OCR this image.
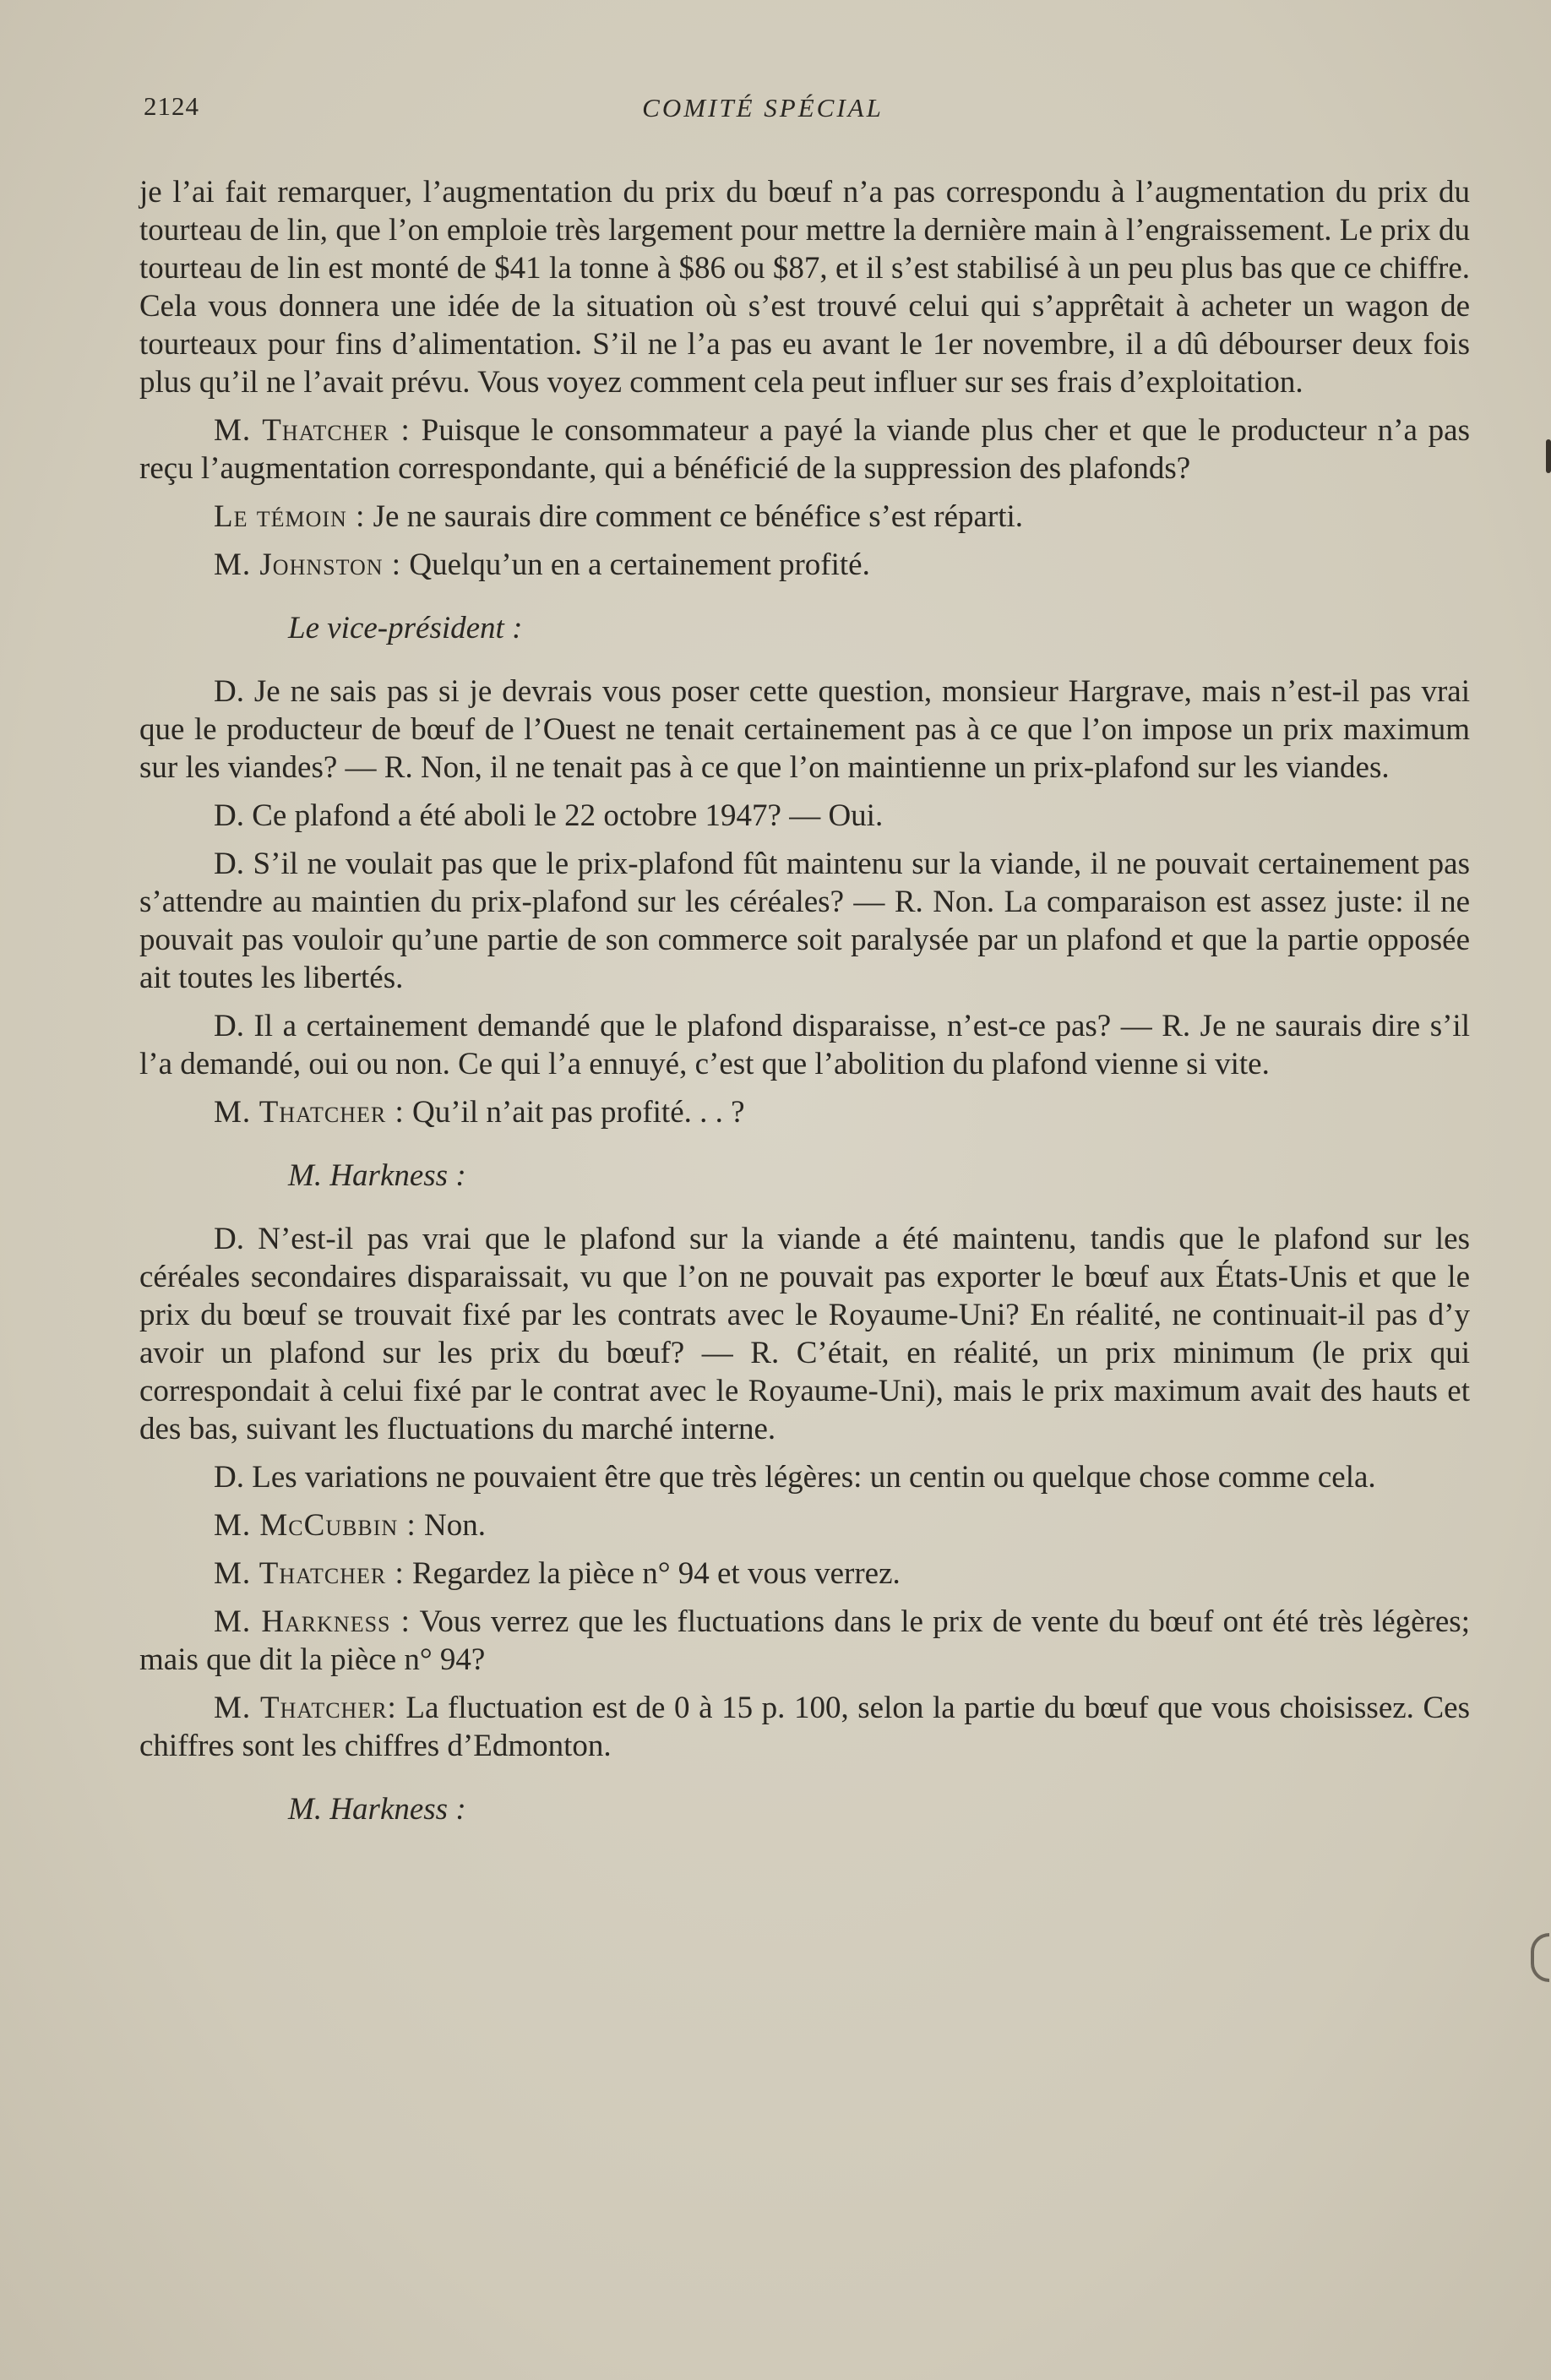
2124	COMITÉ SPÉCIAL

je l’ai fait remarquer, l’augmentation du prix du bœuf n’a pas correspondu à l’augmentation du prix du tourteau de lin, que l’on emploie très largement pour mettre la dernière main à l’engraissement. Le prix du tourteau de lin est monté de $41 la tonne à $86 ou $87, et il s’est stabilisé à un peu plus bas que ce chiffre. Cela vous donnera une idée de la situation où s’est trouvé celui qui s’apprêtait à acheter un wagon de tourteaux pour fins d’alimentation. S’il ne l’a pas eu avant le 1er novembre, il a dû débourser deux fois plus qu’il ne l’avait prévu. Vous voyez comment cela peut influer sur ses frais d’exploitation.

M. Thatcher : Puisque le consommateur a payé la viande plus cher et que le producteur n’a pas reçu l’augmentation correspondante, qui a bénéficié de la suppression des plafonds?

Le témoin : Je ne saurais dire comment ce bénéfice s’est réparti.

M. Johnston : Quelqu’un en a certainement profité.

Le vice-président :

D. Je ne sais pas si je devrais vous poser cette question, monsieur Hargrave, mais n’est-il pas vrai que le producteur de bœuf de l’Ouest ne tenait certainement pas à ce que l’on impose un prix maximum sur les viandes? — R. Non, il ne tenait pas à ce que l’on maintienne un prix-plafond sur les viandes.

D. Ce plafond a été aboli le 22 octobre 1947? — Oui.

D. S’il ne voulait pas que le prix-plafond fût maintenu sur la viande, il ne pouvait certainement pas s’attendre au maintien du prix-plafond sur les céréales? — R. Non. La comparaison est assez juste: il ne pouvait pas vouloir qu’une partie de son commerce soit paralysée par un plafond et que la partie opposée ait toutes les libertés.

D. Il a certainement demandé que le plafond disparaisse, n’est-ce pas? — R. Je ne saurais dire s’il l’a demandé, oui ou non. Ce qui l’a ennuyé, c’est que l’abolition du plafond vienne si vite.

M. Thatcher : Qu’il n’ait pas profité. . . ?

M. Harkness :

D. N’est-il pas vrai que le plafond sur la viande a été maintenu, tandis que le plafond sur les céréales secondaires disparaissait, vu que l’on ne pouvait pas exporter le bœuf aux États-Unis et que le prix du bœuf se trouvait fixé par les contrats avec le Royaume-Uni? En réalité, ne continuait-il pas d’y avoir un plafond sur les prix du bœuf? — R. C’était, en réalité, un prix minimum (le prix qui correspondait à celui fixé par le contrat avec le Royaume-Uni), mais le prix maximum avait des hauts et des bas, suivant les fluctuations du marché interne.

D. Les variations ne pouvaient être que très légères: un centin ou quelque chose comme cela.

M. McCubbin : Non.

M. Thatcher : Regardez la pièce n° 94 et vous verrez.

M. Harkness : Vous verrez que les fluctuations dans le prix de vente du bœuf ont été très légères; mais que dit la pièce n° 94?

M. Thatcher: La fluctuation est de 0 à 15 p. 100, selon la partie du bœuf que vous choisissez. Ces chiffres sont les chiffres d’Edmonton.

M. Harkness :
